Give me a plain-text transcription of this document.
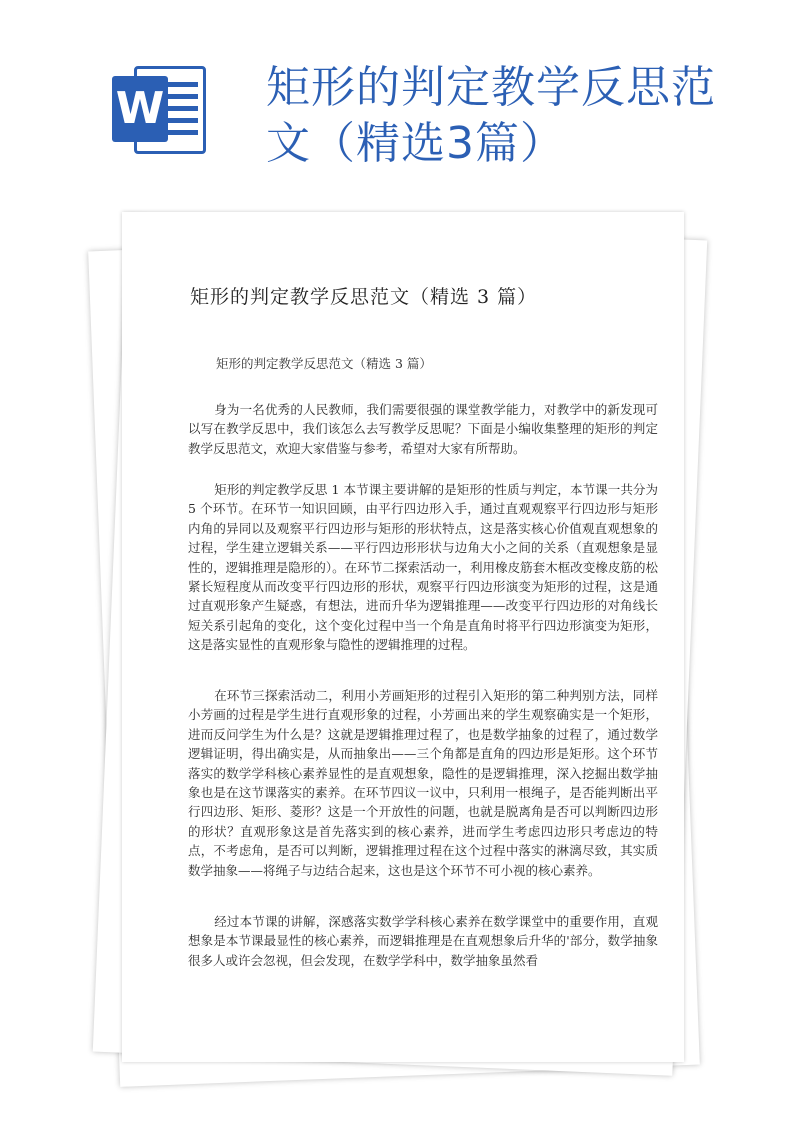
W 矩形的判定教学反思范文（精选3篇）
矩形的判定教学反思范文（精选 3 篇）
矩形的判定教学反思范文（精选 3 篇）

身为一名优秀的人民教师，我们需要很强的课堂教学能力，对教学中的新发现可以写在教学反思中，我们该怎么去写教学反思呢？下面是小编收集整理的矩形的判定教学反思范文，欢迎大家借鉴与参考，希望对大家有所帮助。

矩形的判定教学反思 1 本节课主要讲解的是矩形的性质与判定，本节课一共分为 5 个环节。在环节一知识回顾，由平行四边形入手，通过直观观察平行四边形与矩形内角的异同以及观察平行四边形与矩形的形状特点，这是落实核心价值观直观想象的过程，学生建立逻辑关系——平行四边形形状与边角大小之间的关系（直观想象是显性的，逻辑推理是隐形的）。在环节二探索活动一，利用橡皮筋套木框改变橡皮筋的松紧长短程度从而改变平行四边形的形状，观察平行四边形演变为矩形的过程，这是通过直观形象产生疑惑，有想法，进而升华为逻辑推理——改变平行四边形的对角线长短关系引起角的变化，这个变化过程中当一个角是直角时将平行四边形演变为矩形，这是落实显性的直观形象与隐性的逻辑推理的过程。

在环节三探索活动二，利用小芳画矩形的过程引入矩形的第二种判别方法，同样小芳画的过程是学生进行直观形象的过程，小芳画出来的学生观察确实是一个矩形，进而反问学生为什么是？这就是逻辑推理过程了，也是数学抽象的过程了，通过数学逻辑证明，得出确实是，从而抽象出——三个角都是直角的四边形是矩形。这个环节落实的数学学科核心素养显性的是直观想象，隐性的是逻辑推理，深入挖掘出数学抽象也是在这节课落实的素养。在环节四议一议中，只利用一根绳子，是否能判断出平行四边形、矩形、菱形？这是一个开放性的问题，也就是脱离角是否可以判断四边形的形状？直观形象这是首先落实到的核心素养，进而学生考虑四边形只考虑边的特点，不考虑角，是否可以判断，逻辑推理过程在这个过程中落实的淋漓尽致，其实质数学抽象——将绳子与边结合起来，这也是这个环节不可小视的核心素养。

经过本节课的讲解，深感落实数学学科核心素养在数学课堂中的重要作用，直观想象是本节课最显性的核心素养，而逻辑推理是在直观想象后升华的'部分，数学抽象很多人或许会忽视，但会发现，在数学学科中，数学抽象虽然看
